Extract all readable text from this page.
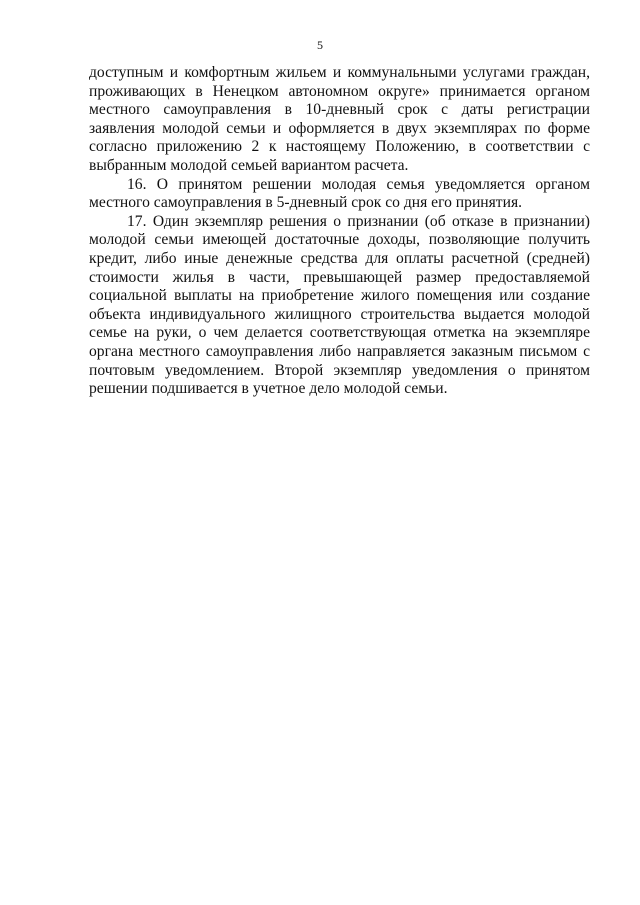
5

доступным и комфортным жильем и коммунальными услугами граждан, проживающих в Ненецком автономном округе» принимается органом местного самоуправления в 10-дневный срок с даты регистрации заявления молодой семьи и оформляется в двух экземплярах по форме согласно приложению 2 к настоящему Положению, в соответствии с выбранным молодой семьей вариантом расчета.

16. О принятом решении молодая семья уведомляется органом местного самоуправления в 5-дневный срок со дня его принятия.

17. Один экземпляр решения о признании (об отказе в признании) молодой семьи имеющей достаточные доходы, позволяющие получить кредит, либо иные денежные средства для оплаты расчетной (средней) стоимости жилья в части, превышающей размер предоставляемой социальной выплаты на приобретение жилого помещения или создание объекта индивидуального жилищного строительства выдается молодой семье на руки, о чем делается соответствующая отметка на экземпляре органа местного самоуправления либо направляется заказным письмом с почтовым уведомлением. Второй экземпляр уведомления о принятом решении подшивается в учетное дело молодой семьи.
